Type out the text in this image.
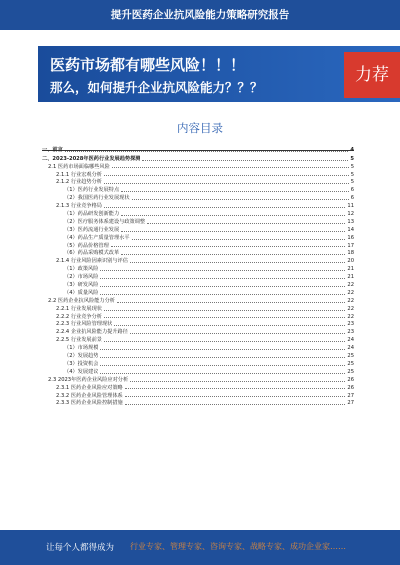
提升医药企业抗风险能力策略研究报告
医药市场都有哪些风险！！！
那么，如何提升企业抗风险能力？？？
力荐
内容目录
一、前言	4
二、2023-2028年医药行业发展趋势探测	5
2.1 医药市场面临哪些风险	5
2.1.1 行业宏观分析	5
2.1.2 行业趋势分析	5
（1）医药行业发展特点	6
（2）我国医药行业发展现状	6
2.1.3 行业竞争格局	11
（1）药品研发创新能力	12
（2）医疗服务体系建设与政策调整	13
（3）医药流通行业发展	14
（4）药品生产质量管理水平	16
（5）药品价格管理	17
（6）药品采购模式改革	18
2.1.4 行业风险因素识别与评估	20
（1）政策风险	21
（2）市场风险	21
（3）研发风险	22
（4）质量风险	22
2.2 医药企业抗风险能力分析	22
2.2.1 行业发展现状	22
2.2.2 行业竞争分析	22
2.2.3 行业风险管理现状	23
2.2.4 企业抗风险能力提升路径	23
2.2.5 行业发展前景	24
（1）市场规模	24
（2）发展趋势	25
（3）投资机会	25
（4）发展建议	25
2.3 2023年医药企业风险应对分析	26
2.3.1 医药企业风险应对策略	26
2.3.2 医药企业风险管理体系	27
2.3.3 医药企业风险控制措施	27
让每个人都得成为 行业专家、管理专家、咨询专家、战略专家、成功企业家……
